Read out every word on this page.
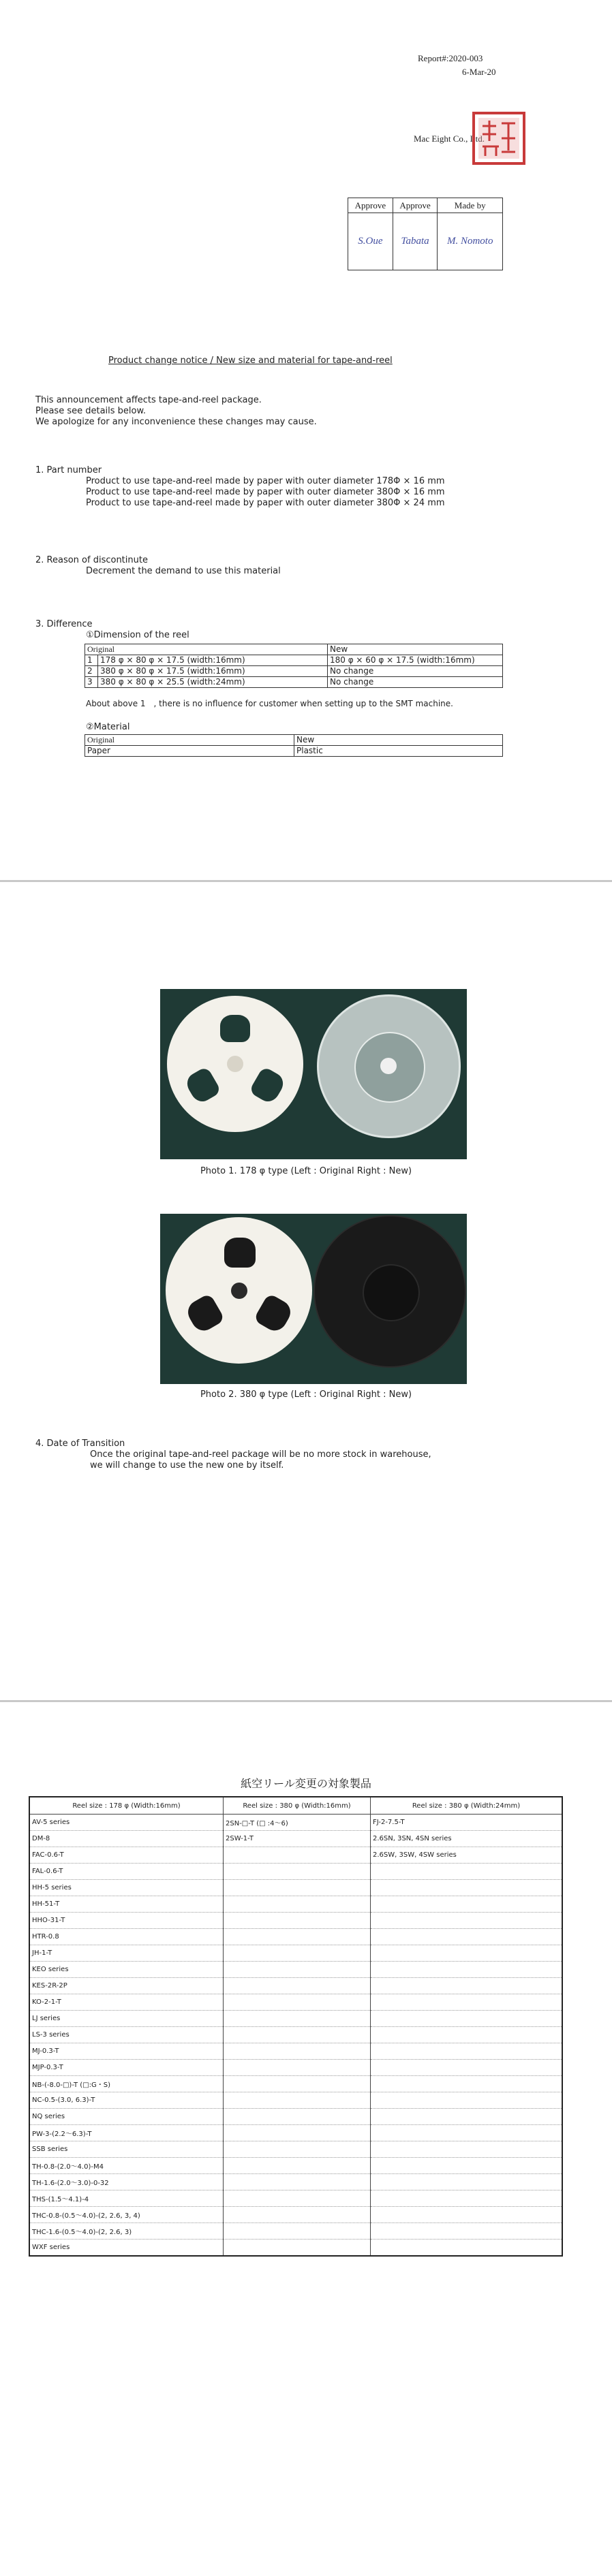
Report#:2020-003
6-Mar-20
Mac Eight Co., Ltd.
Approve	Approve	Made by
S.Oue	Tabata	M. Nomoto
Product change notice / New size and material for tape-and-reel
This announcement affects tape-and-reel package.
Please see details below.
We apologize for any inconvenience these changes may cause.
1. Part number
Product to use tape-and-reel made by paper with outer diameter 178Φ × 16 mm
Product to use tape-and-reel made by paper with outer diameter 380Φ × 16 mm
Product to use tape-and-reel made by paper with outer diameter 380Φ × 24 mm
2. Reason of discontinute
Decrement the demand to use this material
3. Difference
①Dimension of the reel
Original		New
1	178 φ × 80 φ × 17.5 (width:16mm)	180 φ × 60 φ × 17.5 (width:16mm)
2	380 φ × 80 φ × 17.5 (width:16mm)	No change
3	380 φ × 80 φ × 25.5 (width:24mm)	No change
About above 1　, there is no influence for customer when setting up to the SMT machine.
②Material
Original	New
Paper	Plastic
Photo 1. 178 φ type (Left : Original Right : New)
Photo 2. 380 φ type (Left : Original Right : New)
4. Date of Transition
Once the original tape-and-reel package will be no more stock in warehouse,
we will change to use the new one by itself.
紙空リール変更の対象製品
Reel size : 178 φ (Width:16mm)	Reel size : 380 φ (Width:16mm)	Reel size : 380 φ (Width:24mm)
AV-5 series	2SN-□-T (□ :4〜6)	FJ-2-7.5-T
DM-8	2SW-1-T	2.6SN, 3SN, 4SN series
FAC-0.6-T		2.6SW, 3SW, 4SW series
FAL-0.6-T		
HH-5 series		
HH-51-T		
HHO-31-T		
HTR-0.8		
JH-1-T		
KEO series		
KES-2R-2P		
KO-2-1-T		
LJ series		
LS-3 series		
MJ-0.3-T		
MJP-0.3-T		
NB-(-8.0-□)-T (□:G・S)		
NC-0.5-(3.0, 6.3)-T		
NQ series		
PW-3-(2.2〜6.3)-T		
SSB series		
TH-0.8-(2.0〜4.0)-M4		
TH-1.6-(2.0〜3.0)-0-32		
THS-(1.5〜4.1)-4		
THC-0.8-(0.5〜4.0)-(2, 2.6, 3, 4)		
THC-1.6-(0.5〜4.0)-(2, 2.6, 3)		
WXF series		
